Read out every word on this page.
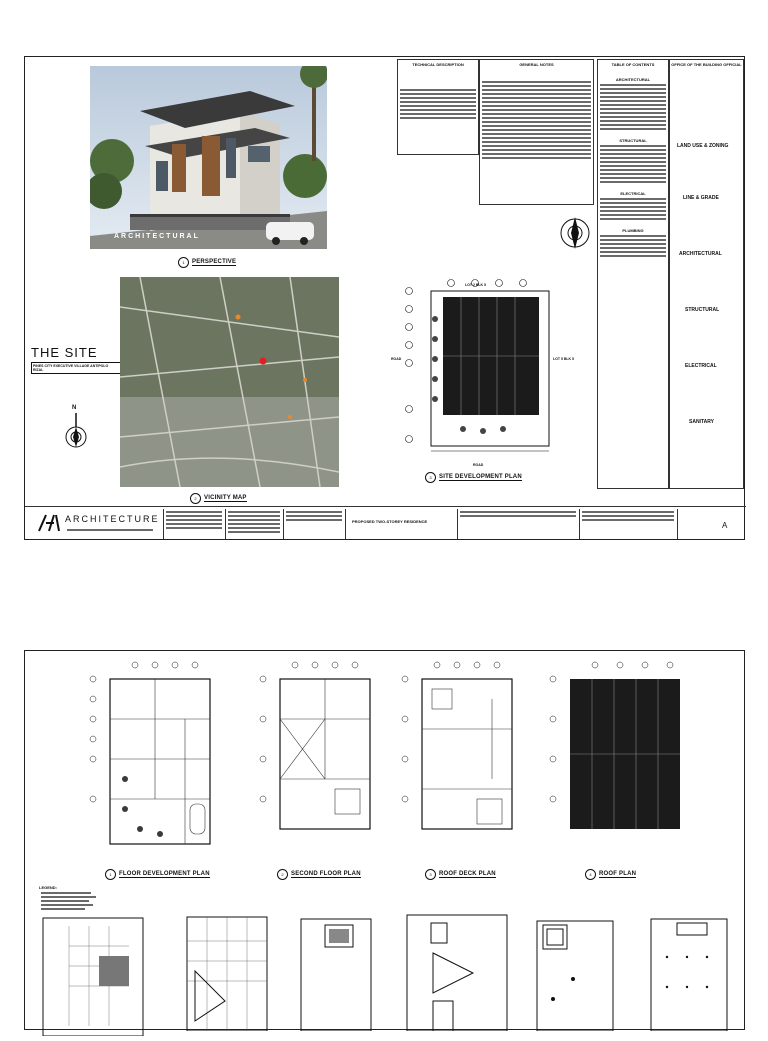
ARCHITECTURAL
1	PERSPECTIVE
THE SITE
PINES CITY EXECUTIVE VILLAGE ANTIPOLO RIZAL
2	VICINITY MAP
N
TECHNICAL DESCRIPTION	GENERAL NOTES	TABLE OF CONTENTS
ARCHITECTURAL
STRUCTURAL
ELECTRICAL
PLUMBING
OFFICE OF THE BUILDING OFFICIAL
LAND USE & ZONING
LINE & GRADE
ARCHITECTURAL
STRUCTURAL
ELECTRICAL
SANITARY
LOT 2 BLK 5
LOT 5 BLK 5
ROAD
ROAD
3	SITE DEVELOPMENT PLAN
ARCHITECTURE	PROPOSED TWO-STOREY RESIDENCE	A
1	FLOOR DEVELOPMENT PLAN	2	SECOND FLOOR PLAN	3	ROOF DECK PLAN	4	ROOF PLAN
LEGEND:
